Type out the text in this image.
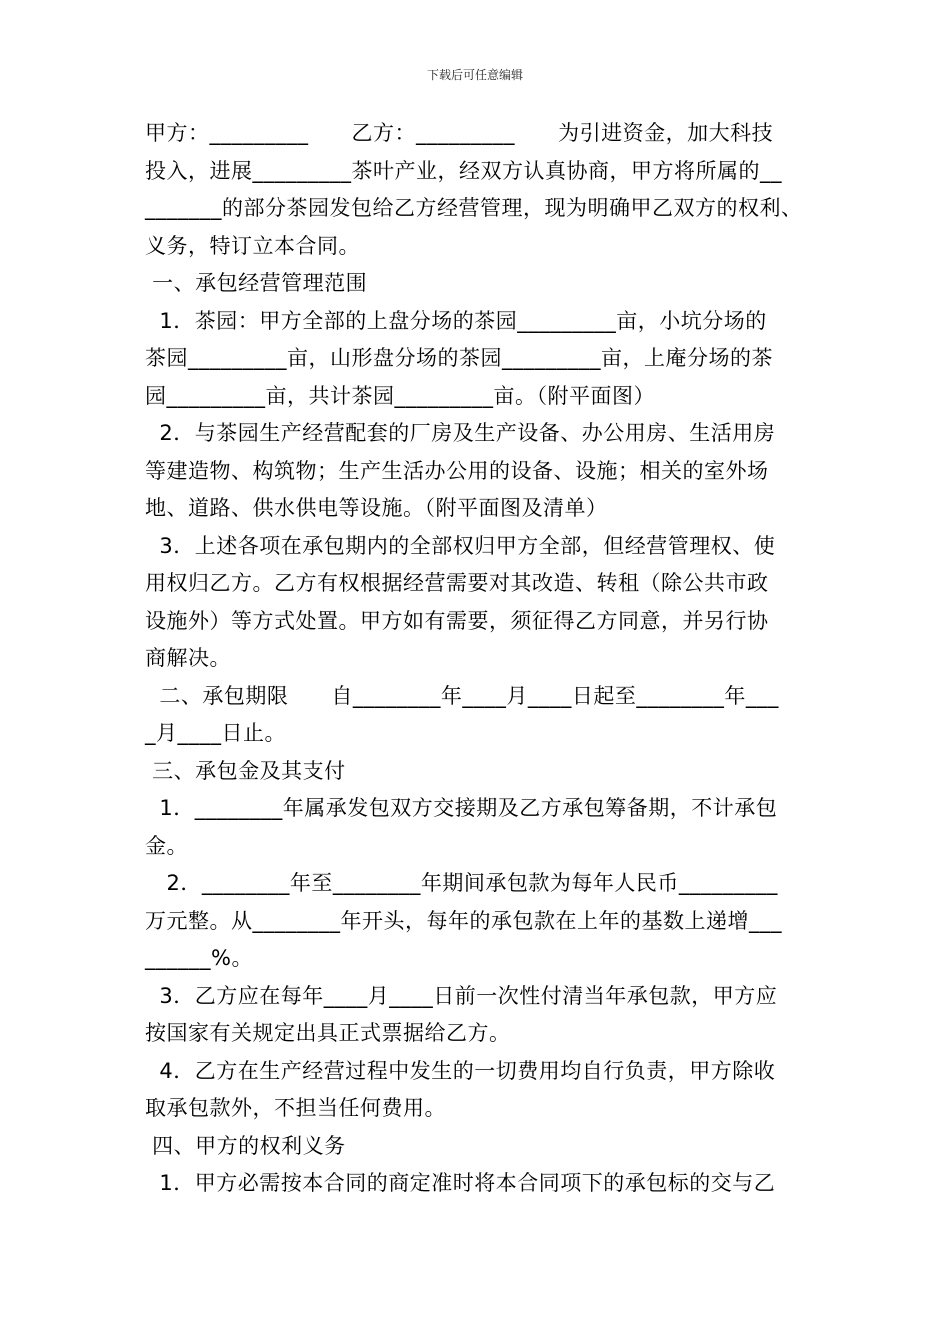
下载后可任意编辑
甲方：_________      乙方：_________      为引进资金，加大科技
投入，进展_________茶叶产业，经双方认真协商，甲方将所属的__
_______的部分茶园发包给乙方经营管理，现为明确甲乙双方的权利、
义务，特订立本合同。
一、承包经营管理范围
1．茶园：甲方全部的上盘分场的茶园_________亩，小坑分场的
茶园_________亩，山形盘分场的茶园_________亩，上庵分场的茶
园_________亩，共计茶园_________亩。（附平面图）
2．与茶园生产经营配套的厂房及生产设备、办公用房、生活用房
等建造物、构筑物；生产生活办公用的设备、设施；相关的室外场
地、道路、供水供电等设施。（附平面图及清单）
3．上述各项在承包期内的全部权归甲方全部，但经营管理权、使
用权归乙方。乙方有权根据经营需要对其改造、转租（除公共市政
设施外）等方式处置。甲方如有需要，须征得乙方同意，并另行协
商解决。
二、承包期限      自________年____月____日起至________年___
_月____日止。
三、承包金及其支付
1．________年属承发包双方交接期及乙方承包筹备期，不计承包
金。
2．________年至________年期间承包款为每年人民币_________
万元整。从________年开头，每年的承包款在上年的基数上递增___
______%。
3．乙方应在每年____月____日前一次性付清当年承包款，甲方应
按国家有关规定出具正式票据给乙方。
4．乙方在生产经营过程中发生的一切费用均自行负责，甲方除收
取承包款外，不担当任何费用。
四、甲方的权利义务
1．甲方必需按本合同的商定准时将本合同项下的承包标的交与乙
